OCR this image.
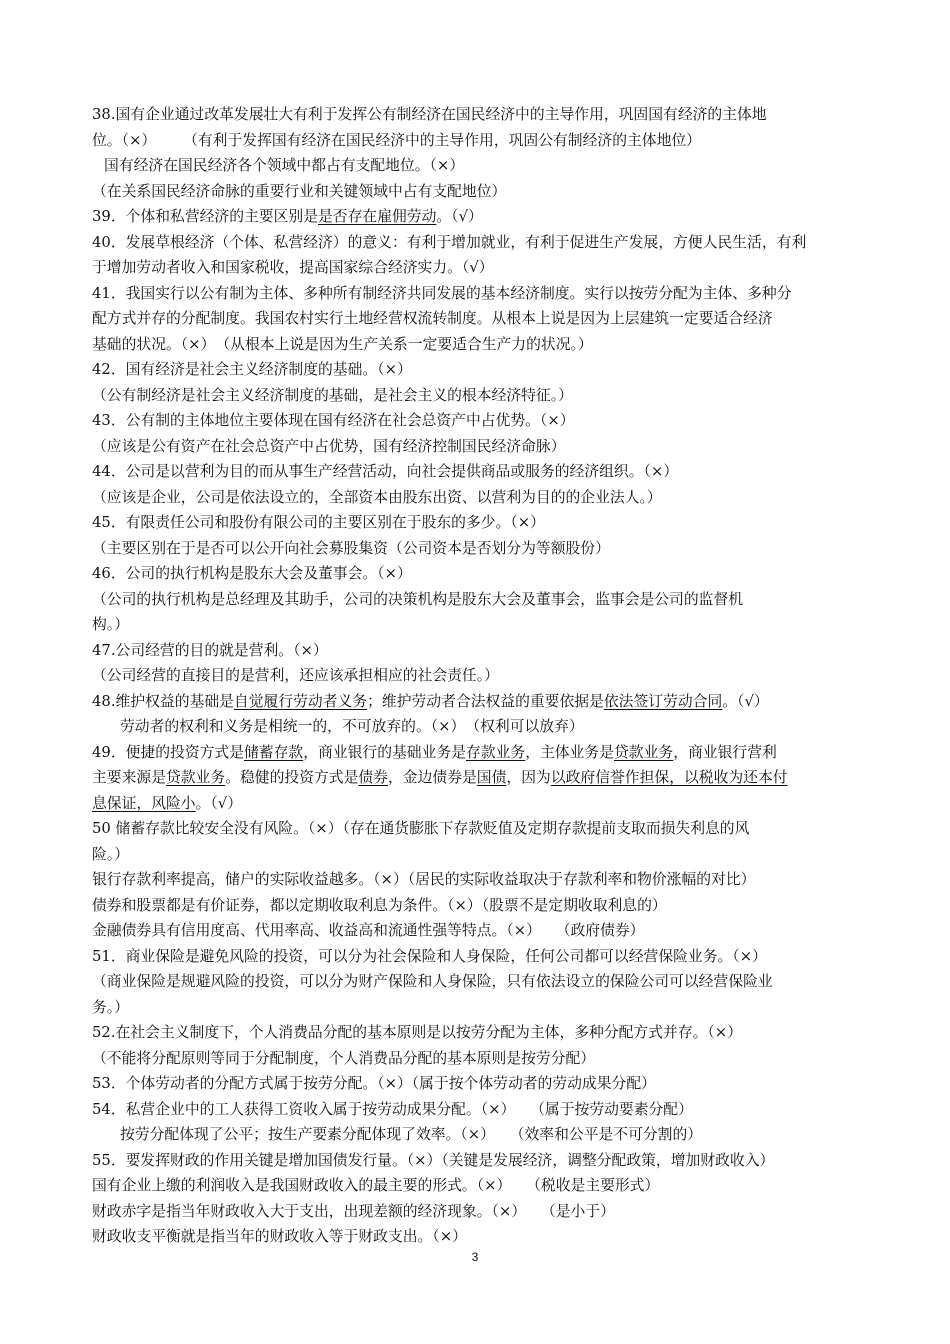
38.国有企业通过改革发展壮大有利于发挥公有制经济在国民经济中的主导作用，巩固国有经济的主体地
位。（×）　　 （有利于发挥国有经济在国民经济中的主导作用，巩固公有制经济的主体地位）
国有经济在国民经济各个领域中都占有支配地位。（×）
（在关系国民经济命脉的重要行业和关键领域中占有支配地位）
39．个体和私营经济的主要区别是是否存在雇佣劳动。（√）
40．发展草根经济（个体、私营经济）的意义：有利于增加就业，有利于促进生产发展，方便人民生活，有利
于增加劳动者收入和国家税收，提高国家综合经济实力。（√）
41．我国实行以公有制为主体、多种所有制经济共同发展的基本经济制度。实行以按劳分配为主体、多种分
配方式并存的分配制度。我国农村实行土地经营权流转制度。从根本上说是因为上层建筑一定要适合经济
基础的状况。（×）　（从根本上说是因为生产关系一定要适合生产力的状况。）
42．国有经济是社会主义经济制度的基础。（×）
（公有制经济是社会主义经济制度的基础，是社会主义的根本经济特征。）
43．公有制的主体地位主要体现在国有经济在社会总资产中占优势。（×）
（应该是公有资产在社会总资产中占优势，国有经济控制国民经济命脉）
44．公司是以营利为目的而从事生产经营活动，向社会提供商品或服务的经济组织。（×）
（应该是企业，公司是依法设立的，全部资本由股东出资、以营利为目的的企业法人。）
45．有限责任公司和股份有限公司的主要区别在于股东的多少。（×）
（主要区别在于是否可以公开向社会募股集资（公司资本是否划分为等额股份）
46．公司的执行机构是股东大会及董事会。（×）
（公司的执行机构是总经理及其助手，公司的决策机构是股东大会及董事会，监事会是公司的监督机
构。）
47.公司经营的目的就是营利。（×）
（公司经营的直接目的是营利，还应该承担相应的社会责任。）
48.维护权益的基础是自觉履行劳动者义务；维护劳动者合法权益的重要依据是依法签订劳动合同。（√）
劳动者的权利和义务是相统一的，不可放弃的。（×）　（权利可以放弃）
49．便捷的投资方式是储蓄存款，商业银行的基础业务是存款业务，主体业务是贷款业务，商业银行营利
主要来源是贷款业务。稳健的投资方式是债券，金边债券是国债，因为以政府信誉作担保，以税收为还本付
息保证，风险小。（√）
50 储蓄存款比较安全没有风险。（×）（存在通货膨胀下存款贬值及定期存款提前支取而损失利息的风
险。）
银行存款利率提高，储户的实际收益越多。（×）（居民的实际收益取决于存款利率和物价涨幅的对比）
债券和股票都是有价证券，都以定期收取利息为条件。（×）（股票不是定期收取利息的）
金融债券具有信用度高、代用率高、收益高和流通性强等特点。（×）　　（政府债券）
51．商业保险是避免风险的投资，可以分为社会保险和人身保险，任何公司都可以经营保险业务。（×）
（商业保险是规避风险的投资，可以分为财产保险和人身保险，只有依法设立的保险公司可以经营保险业
务。）
52.在社会主义制度下，个人消费品分配的基本原则是以按劳分配为主体，多种分配方式并存。（×）
（不能将分配原则等同于分配制度，个人消费品分配的基本原则是按劳分配）
53．个体劳动者的分配方式属于按劳分配。（×）（属于按个体劳动者的劳动成果分配）
54．私营企业中的工人获得工资收入属于按劳动成果分配。（×）　　（属于按劳动要素分配）
按劳分配体现了公平；按生产要素分配体现了效率。（×）　　（效率和公平是不可分割的）
55．要发挥财政的作用关键是增加国债发行量。（×）（关键是发展经济，调整分配政策，增加财政收入）
国有企业上缴的利润收入是我国财政收入的最主要的形式。（×）　　（税收是主要形式）
财政赤字是指当年财政收入大于支出，出现差额的经济现象。（×）　　（是小于）
财政收支平衡就是指当年的财政收入等于财政支出。（×）
3
